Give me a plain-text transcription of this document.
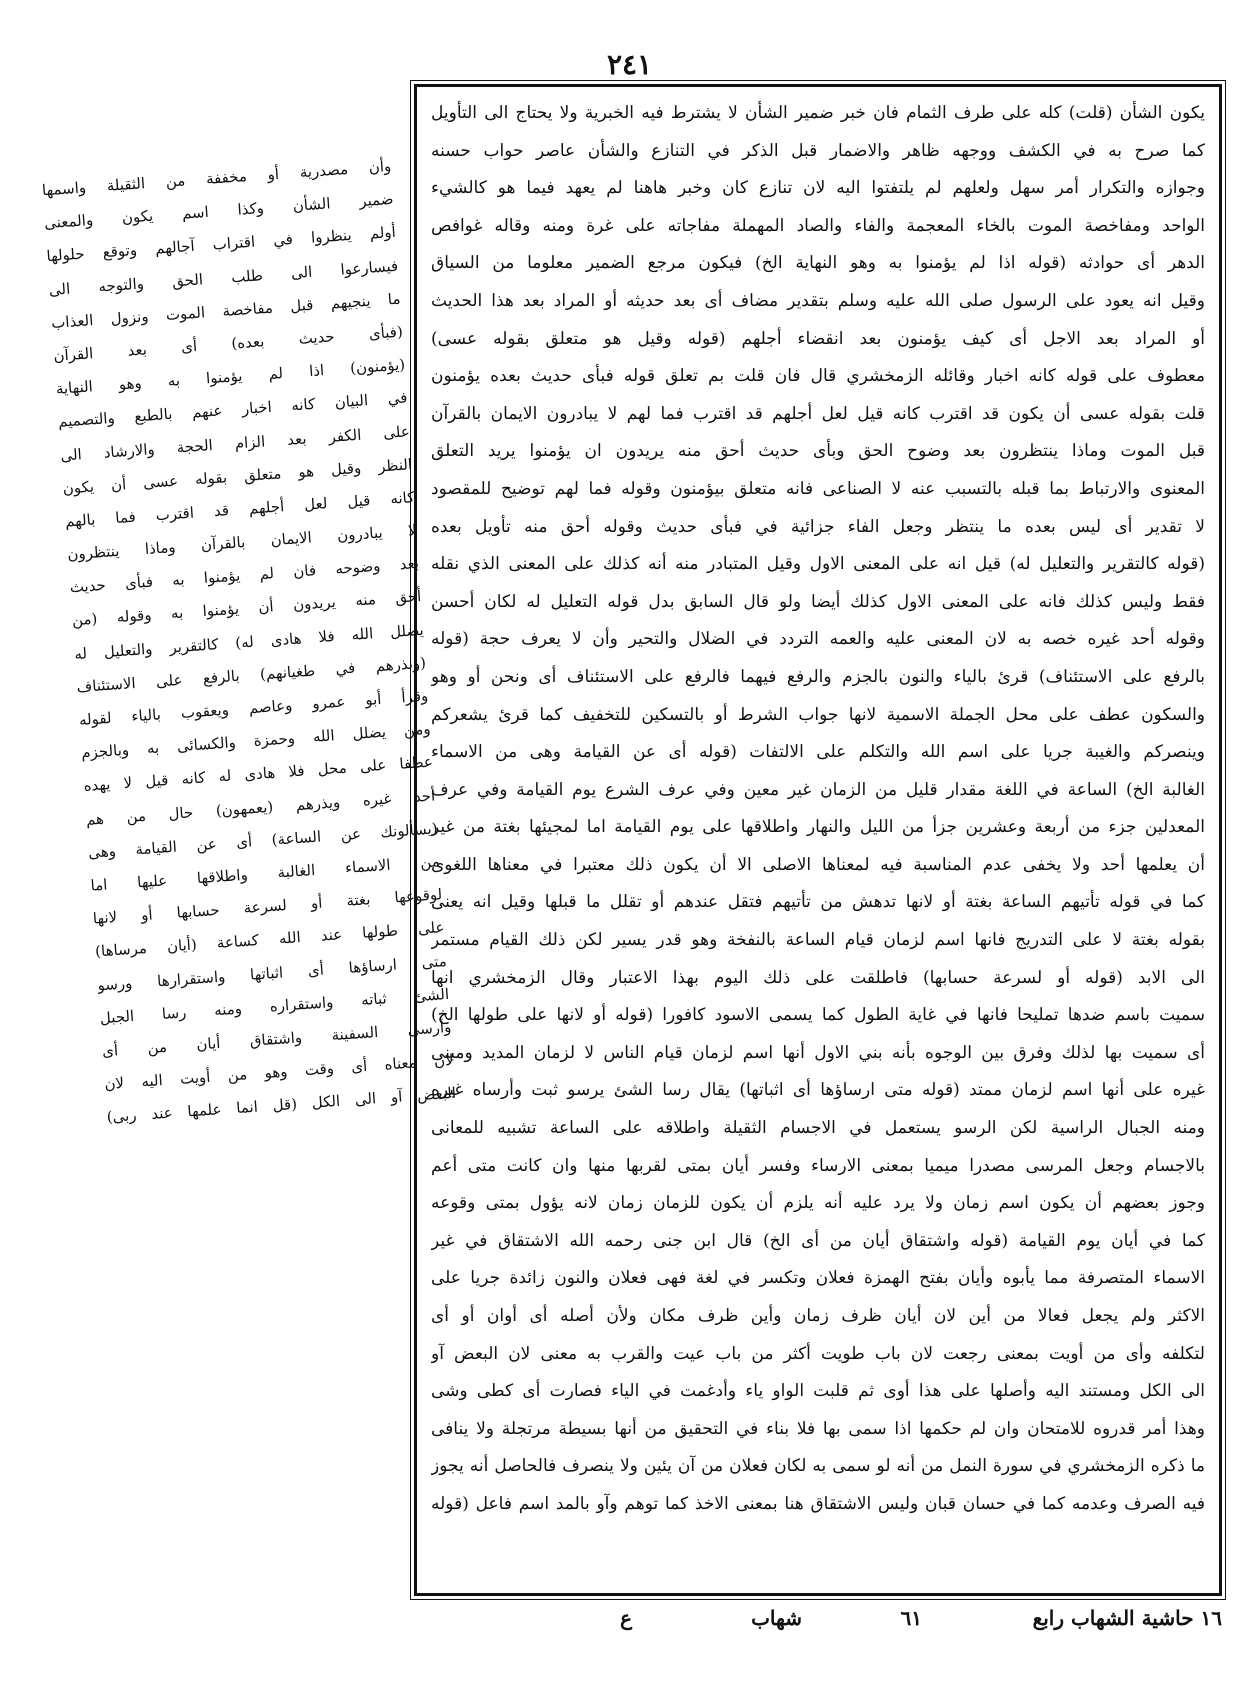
٢٤١
وأن مصدرية أو مخففة من الثقيلة واسمها
ضمير الشأن وكذا اسم يكون والمعنى
أولم ينظروا في اقتراب آجالهم وتوقع حلولها
فيسارعوا الى طلب الحق والتوجه الى
ما ينجيهم قبل مفاخصة الموت ونزول العذاب
(فبأى حديث بعده) أى بعد القرآن
(يؤمنون) اذا لم يؤمنوا به وهو النهاية
في البيان كانه اخبار عنهم بالطبع والتصميم
على الكفر بعد الزام الحجة والارشاد الى
النظر وقيل هو متعلق بقوله عسى أن يكون
كانه قيل لعل أجلهم قد اقترب فما بالهم
لا يبادرون الايمان بالقرآن وماذا ينتظرون
بعد وضوحه فان لم يؤمنوا به فبأى حديث
أحق منه يريدون أن يؤمنوا به وقوله (من
يضلل الله فلا هادى له) كالتقرير والتعليل له
(ونذرهم في طغيانهم) بالرفع على الاستئناف
وقرأ أبو عمرو وعاصم ويعقوب بالياء لقوله
ومن يضلل الله وحمزة والكسائى به وبالجزم
عطفا على محل فلا هادى له كانه قيل لا يهده
أحد غيره ويذرهم (يعمهون) حال من هم
(يسألونك عن الساعة) أى عن القيامة وهى
من الاسماء الغالبة واطلاقها عليها اما
لوقوعها بغتة أو لسرعة حسابها أو لانها
على طولها عند الله كساعة (أيان مرساها)
متى ارساؤها أى اثباتها واستقرارها ورسو
الشئ ثباته واستقراره ومنه رسا الجبل
وأرسى السفينة واشتقاق أيان من أى
لان معناه أى وقت وهو من أويت اليه لان
البعض آو الى الكل (قل انما علمها عند ربى)
يكون الشأن (قلت) كله على طرف الثمام فان خبر ضمير الشأن لا يشترط فيه الخبرية ولا يحتاج الى التأويل
كما صرح به في الكشف ووجهه ظاهر والاضمار قبل الذكر في التنازع والشأن عاصر حواب حسنه
وجوازه والتكرار أمر سهل ولعلهم لم يلتفتوا اليه لان تنازع كان وخبر هاهنا لم يعهد فيما هو كالشيء
الواحد ومفاخصة الموت بالخاء المعجمة والفاء والصاد المهملة مفاجاته على غرة ومنه وقاله غوافص
الدهر أى حوادثه (قوله اذا لم يؤمنوا به وهو النهاية الخ) فيكون مرجع الضمير معلوما من السياق
وقيل انه يعود على الرسول صلى الله عليه وسلم بتقدير مضاف أى بعد حديثه أو المراد بعد هذا الحديث
أو المراد بعد الاجل أى كيف يؤمنون بعد انقضاء أجلهم (قوله وقيل هو متعلق بقوله عسى)
معطوف على قوله كانه اخبار وقائله الزمخشري قال فان قلت بم تعلق قوله فبأى حديث بعده يؤمنون
قلت بقوله عسى أن يكون قد اقترب كانه قيل لعل أجلهم قد اقترب فما لهم لا يبادرون الايمان بالقرآن
قبل الموت وماذا ينتظرون بعد وضوح الحق وبأى حديث أحق منه يريدون ان يؤمنوا يريد التعلق
المعنوى والارتباط بما قبله بالتسبب عنه لا الصناعى فانه متعلق بيؤمنون وقوله فما لهم توضيح للمقصود
لا تقدير أى ليس بعده ما ينتظر وجعل الفاء جزائية في فبأى حديث وقوله أحق منه تأويل بعده
(قوله كالتقرير والتعليل له) قيل انه على المعنى الاول وقيل المتبادر منه أنه كذلك على المعنى الذي نقله
فقط وليس كذلك فانه على المعنى الاول كذلك أيضا ولو قال السابق بدل قوله التعليل له لكان أحسن
وقوله أحد غيره خصه به لان المعنى عليه والعمه التردد في الضلال والتحير وأن لا يعرف حجة (قوله
بالرفع على الاستئناف) قرئ بالياء والنون بالجزم والرفع فيهما فالرفع على الاستئناف أى ونحن أو وهو
والسكون عطف على محل الجملة الاسمية لانها جواب الشرط أو بالتسكين للتخفيف كما قرئ يشعركم
وينصركم والغيبة جريا على اسم الله والتكلم على الالتفات (قوله أى عن القيامة وهى من الاسماء
الغالبة الخ) الساعة في اللغة مقدار قليل من الزمان غير معين وفي عرف الشرع يوم القيامة وفي عرف
المعدلين جزء من أربعة وعشرين جزأ من الليل والنهار واطلاقها على يوم القيامة اما لمجيئها بغتة من غير
أن يعلمها أحد ولا يخفى عدم المناسبة فيه لمعناها الاصلى الا أن يكون ذلك معتبرا في معناها اللغوى
كما في قوله تأتيهم الساعة بغتة أو لانها تدهش من تأتيهم فتقل عندهم أو تقلل ما قبلها وقيل انه يعنى
بقوله بغتة لا على التدريج فانها اسم لزمان قيام الساعة بالنفخة وهو قدر يسير لكن ذلك القيام مستمر
الى الابد (قوله أو لسرعة حسابها) فاطلقت على ذلك اليوم بهذا الاعتبار وقال الزمخشري انها
سميت باسم ضدها تمليحا فانها في غاية الطول كما يسمى الاسود كافورا (قوله أو لانها على طولها الخ)
أى سميت بها لذلك وفرق بين الوجوه بأنه بني الاول أنها اسم لزمان قيام الناس لا لزمان المديد ومبنى
غيره على أنها اسم لزمان ممتد (قوله متى ارساؤها أى اثباتها) يقال رسا الشئ يرسو ثبت وأرساه غيره
ومنه الجبال الراسية لكن الرسو يستعمل في الاجسام الثقيلة واطلاقه على الساعة تشبيه للمعانى
بالاجسام وجعل المرسى مصدرا ميميا بمعنى الارساء وفسر أيان بمتى لقربها منها وان كانت متى أعم
وجوز بعضهم أن يكون اسم زمان ولا يرد عليه أنه يلزم أن يكون للزمان زمان لانه يؤول بمتى وقوعه
كما في أيان يوم القيامة (قوله واشتقاق أيان من أى الخ) قال ابن جنى رحمه الله الاشتقاق في غير
الاسماء المتصرفة مما يأبوه وأيان بفتح الهمزة فعلان وتكسر في لغة فهى فعلان والنون زائدة جريا على
الاكثر ولم يجعل فعالا من أين لان أيان ظرف زمان وأين ظرف مكان ولأن أصله أى أوان أو أى
لتكلفه وأى من أويت بمعنى رجعت لان باب طويت أكثر من باب عيت والقرب به معنى لان البعض آو
الى الكل ومستند اليه وأصلها على هذا أوى ثم قلبت الواو ياء وأدغمت في الياء فصارت أى كطى وشى
وهذا أمر قدروه للامتحان وان لم حكمها اذا سمى بها فلا بناء في التحقيق من أنها بسيطة مرتجلة ولا ينافى
ما ذكره الزمخشري في سورة النمل من أنه لو سمى به لكان فعلان من آن يئين ولا ينصرف فالحاصل أنه يجوز
فيه الصرف وعدمه كما في حسان قبان وليس الاشتقاق هنا بمعنى الاخذ كما توهم وآو بالمد اسم فاعل (قوله
١٦ حاشية الشهاب رابع
٦١
شهاب
ع
